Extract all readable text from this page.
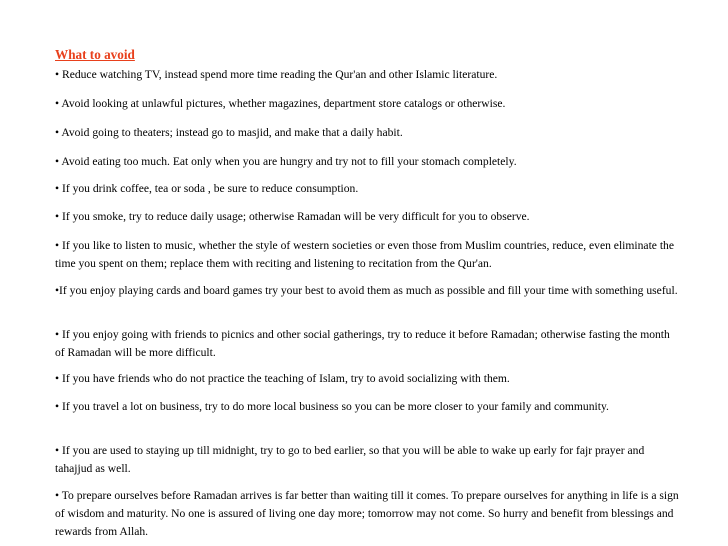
What to avoid
• Reduce watching TV, instead spend more time reading the Qur'an and other Islamic literature.
• Avoid looking at unlawful pictures, whether magazines, department store catalogs or otherwise.
• Avoid going to theaters; instead go to masjid, and make that a daily habit.
• Avoid eating too much. Eat only when you are hungry and try not to fill your stomach completely.
• If you drink coffee, tea or soda , be sure to reduce consumption.
• If you smoke, try to reduce daily usage; otherwise Ramadan will be very difficult for you to observe.
• If you like to listen to music, whether the style of western societies or even those from Muslim countries, reduce, even eliminate the time you spent on them; replace them with reciting and listening to recitation from the Qur'an.
•If you enjoy playing cards and board games try your best to avoid them as much as possible and fill your time with something useful.
• If you enjoy going with friends to picnics and other social gatherings, try to reduce it before Ramadan; otherwise fasting the month of Ramadan will be more difficult.
• If you have friends who do not practice the teaching of Islam, try to avoid socializing with them.
• If you travel a lot on business, try to do more local business so you can be more closer to your family and community.
• If you are used to staying up till midnight, try to go to bed earlier, so that you will be able to wake up early for fajr prayer and tahajjud as well.
• To prepare ourselves before Ramadan arrives is far better than waiting till it comes. To prepare ourselves for anything in life is a sign of wisdom and maturity. No one is assured of living one day more; tomorrow may not come. So hurry and benefit from blessings and rewards from Allah.
